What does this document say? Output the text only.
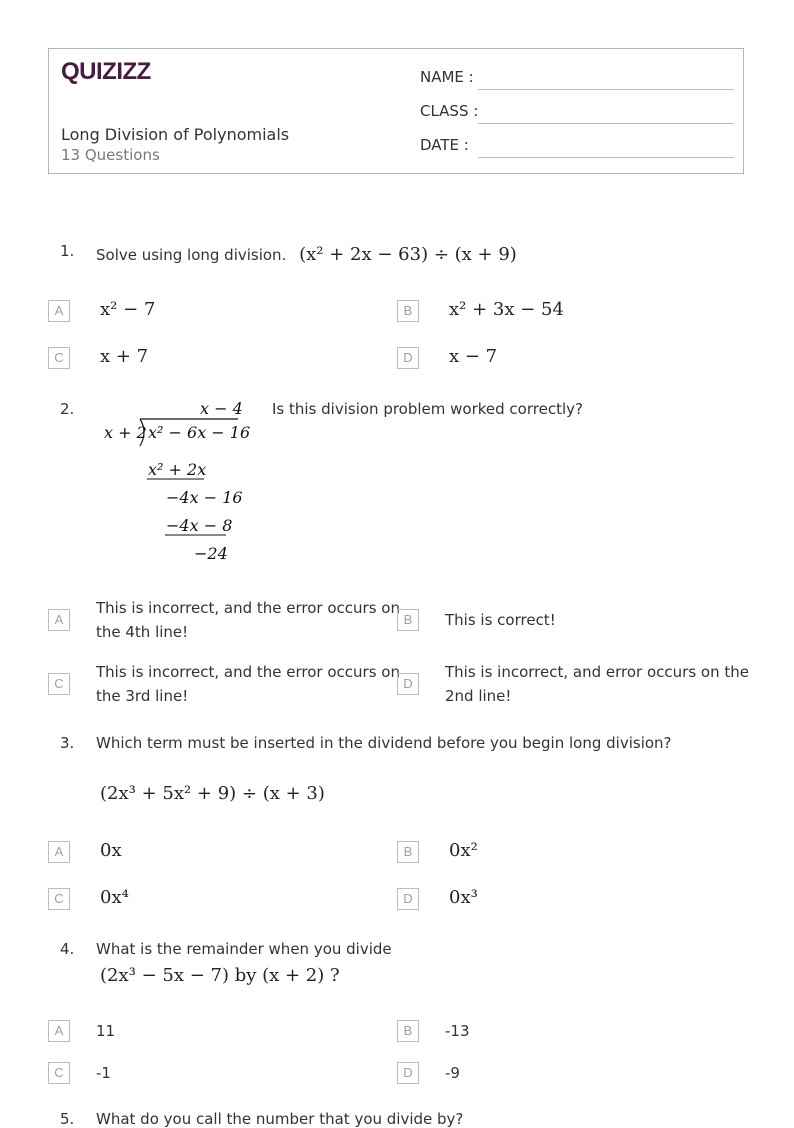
QUIZIZZ
Long Division of Polynomials
13 Questions
NAME :
CLASS :
DATE :
1. Solve using long division. (x² + 2x − 63) ÷ (x + 9)
A	x² − 7	B	x² + 3x − 54
C	x + 7	D	x − 7
2.	x − 4
x + 2 x² − 6x − 16
x² + 2x
−4x − 16
−4x − 8
−24
Is this division problem worked correctly?
A
This is incorrect, and the error occurs on
the 4th line!
B	This is correct!
C
This is incorrect, and the error occurs on
the 3rd line!
D
This is incorrect, and error occurs on the
2nd line!
3. Which term must be inserted in the dividend before you begin long division?
(2x³ + 5x² + 9) ÷ (x + 3)
A	0x	B	0x²
C	0x⁴	D	0x³
4. What is the remainder when you divide
(2x³ − 5x − 7) by (x + 2) ?
A	11	B	-13
C	-1	D	-9
5. What do you call the number that you divide by?
